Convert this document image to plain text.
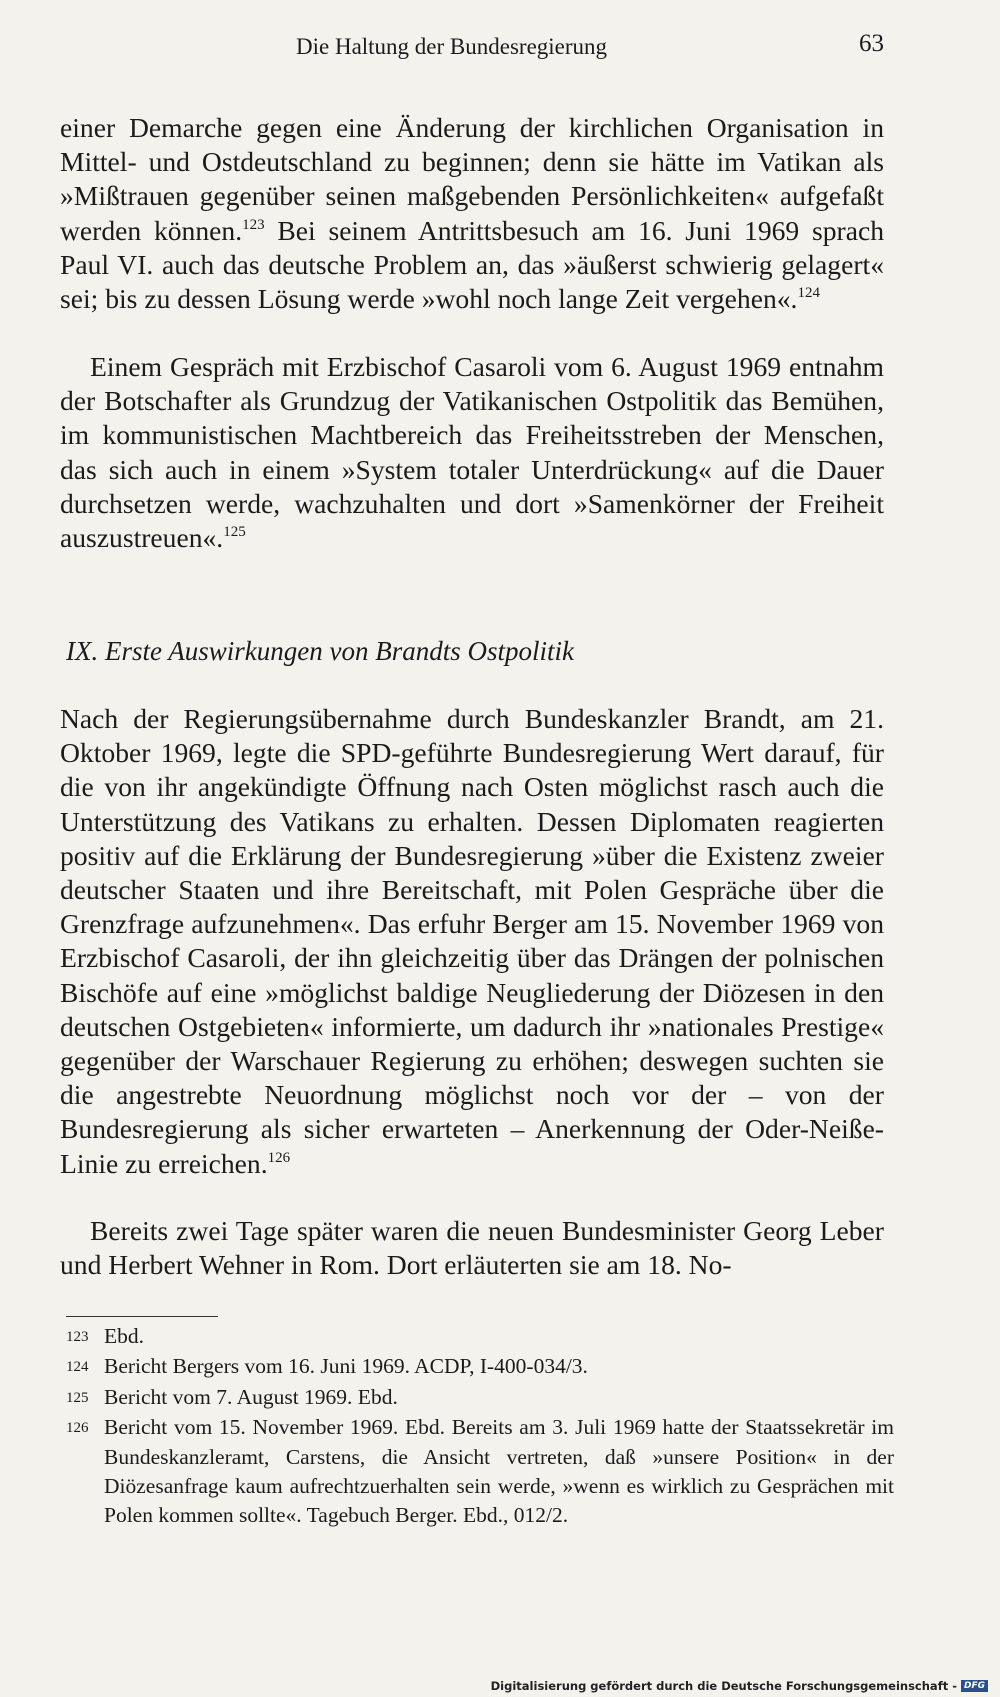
Die Haltung der Bundesregierung	63

einer Demarche gegen eine Änderung der kirchlichen Organisation in Mittel- und Ostdeutschland zu beginnen; denn sie hätte im Vatikan als »Mißtrauen gegenüber seinen maßgebenden Persönlichkeiten« aufgefaßt werden können.$^{123}$ Bei seinem Antrittsbesuch am 16. Juni 1969 sprach Paul VI. auch das deutsche Problem an, das »äußerst schwierig gelagert« sei; bis zu dessen Lösung werde »wohl noch lange Zeit vergehen«.$^{124}$

Einem Gespräch mit Erzbischof Casaroli vom 6. August 1969 entnahm der Botschafter als Grundzug der Vatikanischen Ostpolitik das Bemühen, im kommunistischen Machtbereich das Freiheitsstreben der Menschen, das sich auch in einem »System totaler Unterdrückung« auf die Dauer durchsetzen werde, wachzuhalten und dort »Samenkörner der Freiheit auszustreuen«.$^{125}$

IX. Erste Auswirkungen von Brandts Ostpolitik

Nach der Regierungsübernahme durch Bundeskanzler Brandt, am 21. Oktober 1969, legte die SPD-geführte Bundesregierung Wert darauf, für die von ihr angekündigte Öffnung nach Osten möglichst rasch auch die Unterstützung des Vatikans zu erhalten. Dessen Diplomaten reagierten positiv auf die Erklärung der Bundesregierung »über die Existenz zweier deutscher Staaten und ihre Bereitschaft, mit Polen Gespräche über die Grenzfrage aufzunehmen«. Das erfuhr Berger am 15. November 1969 von Erzbischof Casaroli, der ihn gleichzeitig über das Drängen der polnischen Bischöfe auf eine »möglichst baldige Neugliederung der Diözesen in den deutschen Ostgebieten« informierte, um dadurch ihr »nationales Prestige« gegenüber der Warschauer Regierung zu erhöhen; deswegen suchten sie die angestrebte Neuordnung möglichst noch vor der – von der Bundesregierung als sicher erwarteten – Anerkennung der Oder-Neiße-Linie zu erreichen.$^{126}$

Bereits zwei Tage später waren die neuen Bundesminister Georg Leber und Herbert Wehner in Rom. Dort erläuterten sie am 18. No-

123 Ebd.
124 Bericht Bergers vom 16. Juni 1969. ACDP, I-400-034/3.
125 Bericht vom 7. August 1969. Ebd.
126 Bericht vom 15. November 1969. Ebd. Bereits am 3. Juli 1969 hatte der Staatssekretär im Bundeskanzleramt, Carstens, die Ansicht vertreten, daß »unsere Position« in der Diözesanfrage kaum aufrechtzuerhalten sein werde, »wenn es wirklich zu Gesprächen mit Polen kommen sollte«. Tagebuch Berger. Ebd., 012/2.
Digitalisierung gefördert durch die Deutsche Forschungsgemeinschaft - DFG
